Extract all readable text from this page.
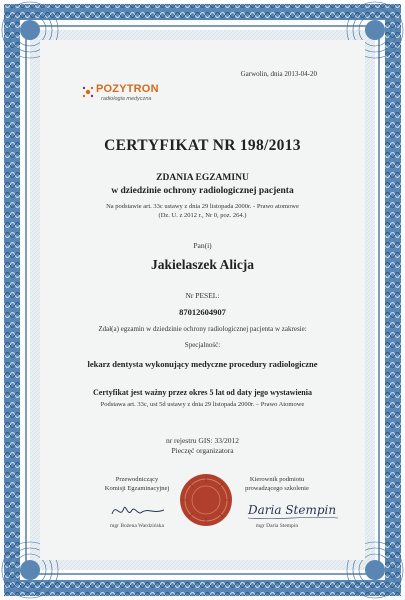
POZYTRON
radiologia medyczna
Garwolin, dnia 2013-04-20

CERTYFIKAT NR 198/2013

ZDANIA EGZAMINU

w dziedzinie ochrony radiologicznej pacjenta

Na podstawie art. 33c ustawy z dnia 29 listopada 2000r. - Prawo atomowe

(Dz. U. z 2012 r., Nr 0, poz. 264.)

Pan(i)

Jakielaszek Alicja

Nr PESEL:

87012604907

Zdał(a) egzamin w dziedzinie ochrony radiologicznej pacjenta w zakresie:

Specjalność:

lekarz dentysta wykonujący medyczne procedury radiologiczne

Certyfikat jest ważny przez okres 5 lat od daty jego wystawienia

Podstawa art. 33c, ust 5d ustawy z dnia 29 listopada 2000r. – Prawo Atomowe

nr rejestru GIS: 33/2012

Pieczęć organizatora

Przewodniczący
Komisji Egzaminacyjnej
mgr Bożena Wardzińska
Kierownik podmiotu
prowadzącego szkolenie
Daria Stempin
mgr Daria Stempin
